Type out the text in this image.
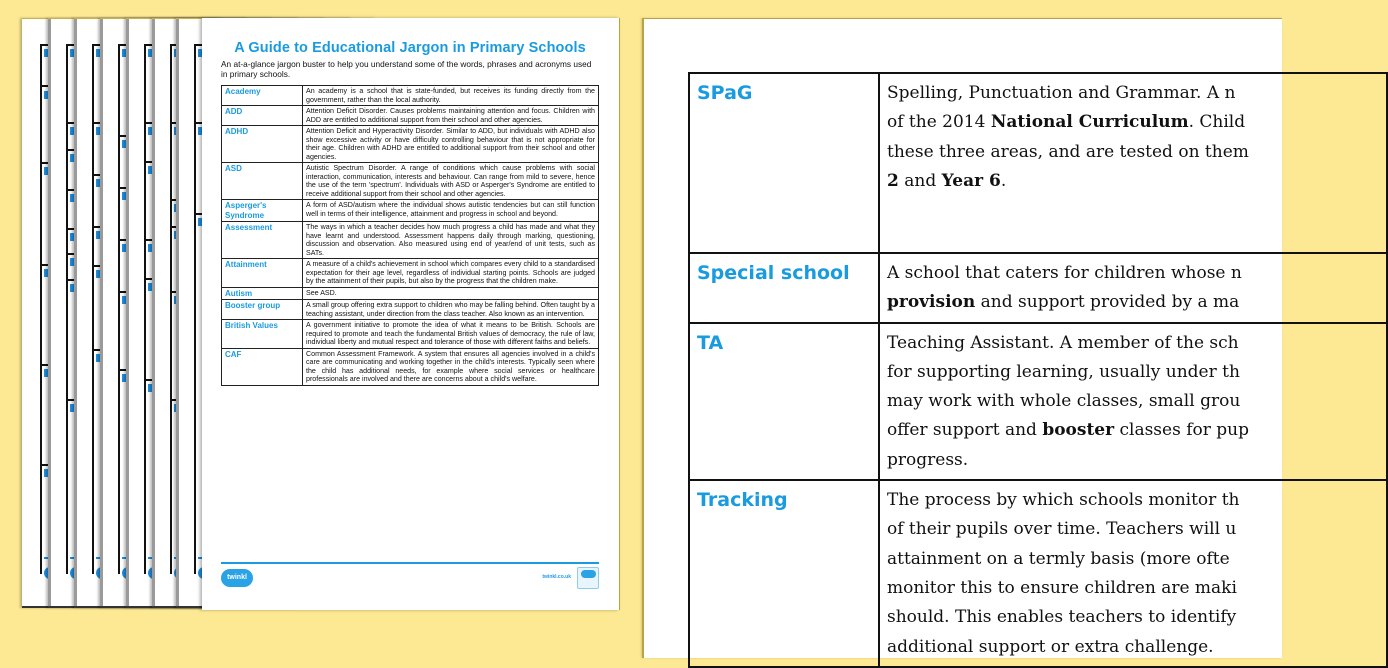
A Guide to Educational Jargon in Primary Schools

An at-a-glance jargon buster to help you understand some of the words, phrases and acronyms used in primary schools.

Academy	An academy is a school that is state-funded, but receives its funding directly from the government, rather than the local authority.
ADD	Attention Deficit Disorder. Causes problems maintaining attention and focus. Children with ADD are entitled to additional support from their school and other agencies.
ADHD	Attention Deficit and Hyperactivity Disorder. Similar to ADD, but individuals with ADHD also show excessive activity or have difficulty controlling behaviour that is not appropriate for their age. Children with ADHD are entitled to additional support from their school and other agencies.
ASD	Autistic Spectrum Disorder. A range of conditions which cause problems with social interaction, communication, interests and behaviour. Can range from mild to severe, hence the use of the term 'spectrum'. Individuals with ASD or Asperger's Syndrome are entitled to receive additional support from their school and other agencies.
Asperger's Syndrome	A form of ASD/autism where the individual shows autistic tendencies but can still function well in terms of their intelligence, attainment and progress in school and beyond.
Assessment	The ways in which a teacher decides how much progress a child has made and what they have learnt and understood. Assessment happens daily through marking, questioning, discussion and observation. Also measured using end of year/end of unit tests, such as SATs.
Attainment	A measure of a child's achievement in school which compares every child to a standardised expectation for their age level, regardless of individual starting points. Schools are judged by the attainment of their pupils, but also by the progress that the children make.
Autism	See ASD.
Booster group	A small group offering extra support to children who may be falling behind. Often taught by a teaching assistant, under direction from the class teacher. Also known as an intervention.
British Values	A government initiative to promote the idea of what it means to be British. Schools are required to promote and teach the fundamental British values of democracy, the rule of law, individual liberty and mutual respect and tolerance of those with different faiths and beliefs.
CAF	Common Assessment Framework. A system that ensures all agencies involved in a child's care are communicating and working together in the child's interests. Typically seen where the child has additional needs, for example where social services or healthcare professionals are involved and there are concerns about a child's welfare.
twinkl	twinkl.co.uk
SPaG	Spelling, Punctuation and Grammar. A n
of the 2014 National Curriculum. Child
these three areas, and are tested on them
2 and Year 6.

Special school	A school that caters for children whose n
provision and support provided by a ma

TA	Teaching Assistant. A member of the sch
for supporting learning, usually under th
may work with whole classes, small grou
offer support and booster classes for pup
progress.

Tracking	The process by which schools monitor th
of their pupils over time. Teachers will u
attainment on a termly basis (more ofte
monitor this to ensure children are maki
should. This enables teachers to identify
additional support or extra challenge.
